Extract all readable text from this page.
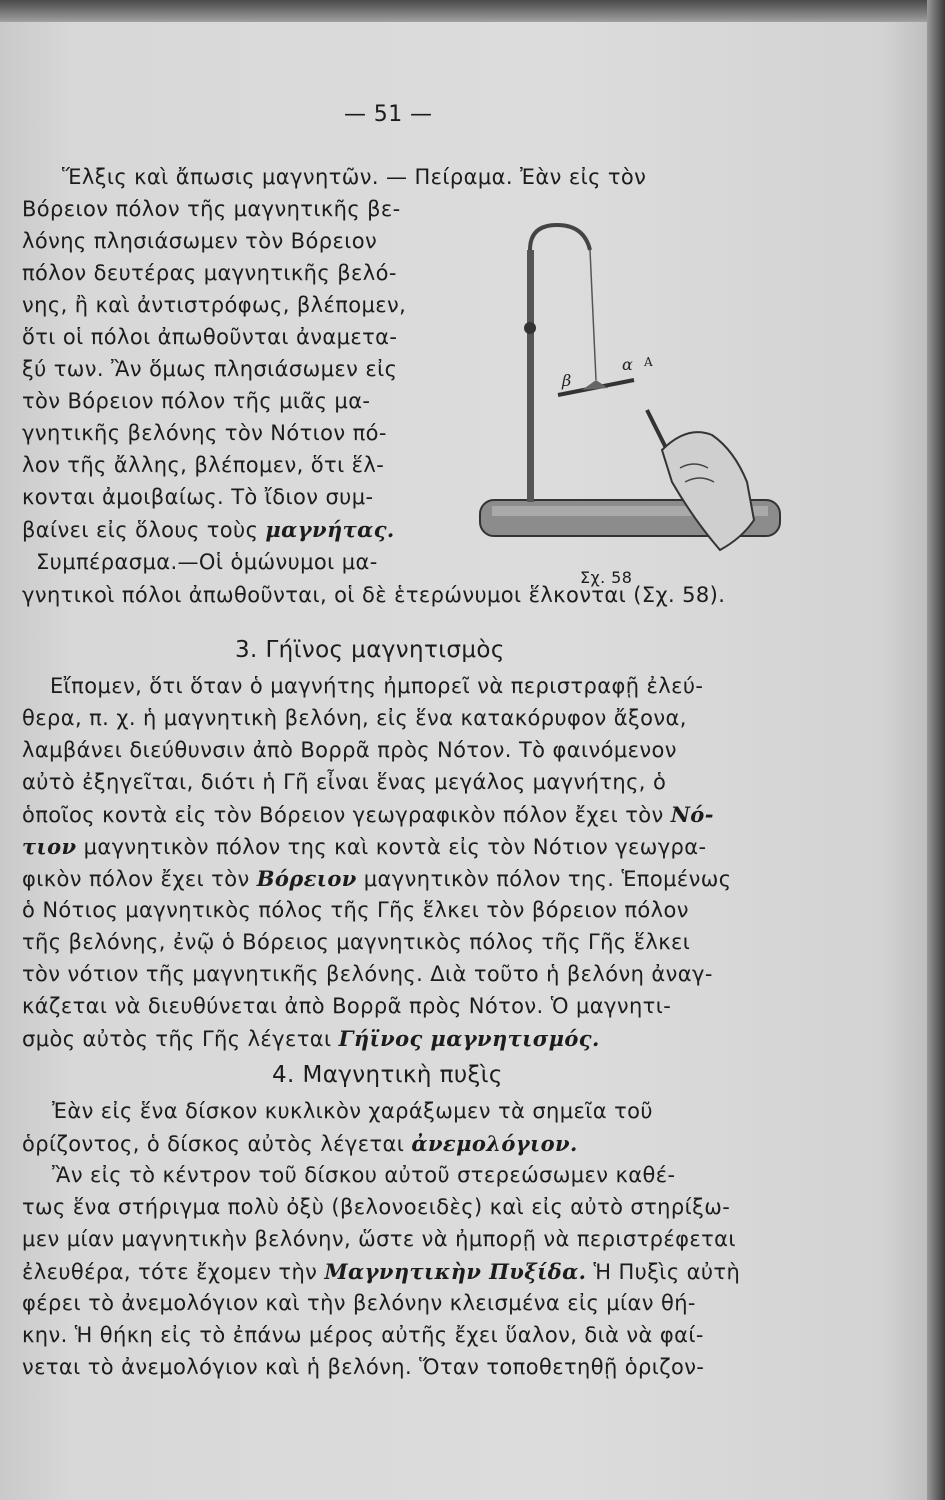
— 51 —

Ἕλξις καὶ ἄπωσις μαγνητῶν. — Πείραμα. Ἐὰν εἰς τὸν

Βόρειον πόλον τῆς μαγνητικῆς βε-

λόνης πλησιάσωμεν τὸν Βόρειον

πόλον δευτέρας μαγνητικῆς βελό-

νης, ἢ καὶ ἀντιστρόφως, βλέπομεν,

ὅτι οἱ πόλοι ἀπωθοῦνται ἀναμετα-

ξύ των. Ἂν ὅμως πλησιάσωμεν εἰς

τὸν Βόρειον πόλον τῆς μιᾶς μα-

γνητικῆς βελόνης τὸν Νότιον πό-

λον τῆς ἄλλης, βλέπομεν, ὅτι ἕλ-

κονται ἀμοιβαίως. Τὸ ἴδιον συμ-

βαίνει εἰς ὅλους τοὺς μαγνήτας.

Συμπέρασμα.—Οἱ ὁμώνυμοι μα-

γνητικοὶ πόλοι ἀπωθοῦνται, οἱ δὲ ἑτερώνυμοι ἕλκονται (Σχ. 58).

β
α Α

Σχ. 58

3. Γήϊνος μαγνητισμὸς

Εἴπομεν, ὅτι ὅταν ὁ μαγνήτης ἠμπορεῖ νὰ περιστραφῇ ἐλεύ-

θερα, π. χ. ἡ μαγνητικὴ βελόνη, εἰς ἕνα κατακόρυφον ἄξονα,

λαμβάνει διεύθυνσιν ἀπὸ Βορρᾶ πρὸς Νότον. Τὸ φαινόμενον

αὐτὸ ἐξηγεῖται, διότι ἡ Γῆ εἶναι ἕνας μεγάλος μαγνήτης, ὁ

ὁποῖος κοντὰ εἰς τὸν Βόρειον γεωγραφικὸν πόλον ἔχει τὸν Νό-

τιον μαγνητικὸν πόλον της καὶ κοντὰ εἰς τὸν Νότιον γεωγρα-

φικὸν πόλον ἔχει τὸν Βόρειον μαγνητικὸν πόλον της. Ἑπομένως

ὁ Νότιος μαγνητικὸς πόλος τῆς Γῆς ἕλκει τὸν βόρειον πόλον

τῆς βελόνης, ἐνῷ ὁ Βόρειος μαγνητικὸς πόλος τῆς Γῆς ἕλκει

τὸν νότιον τῆς μαγνητικῆς βελόνης. Διὰ τοῦτο ἡ βελόνη ἀναγ-

κάζεται νὰ διευθύνεται ἀπὸ Βορρᾶ πρὸς Νότον. Ὁ μαγνητι-

σμὸς αὐτὸς τῆς Γῆς λέγεται Γήϊνος μαγνητισμός.

4. Μαγνητικὴ πυξὶς

Ἐὰν εἰς ἕνα δίσκον κυκλικὸν χαράξωμεν τὰ σημεῖα τοῦ

ὁρίζοντος, ὁ δίσκος αὐτὸς λέγεται ἀνεμολόγιον.

Ἂν εἰς τὸ κέντρον τοῦ δίσκου αὐτοῦ στερεώσωμεν καθέ-

τως ἕνα στήριγμα πολὺ ὀξὺ (βελονοειδὲς) καὶ εἰς αὐτὸ στηρίξω-

μεν μίαν μαγνητικὴν βελόνην, ὥστε νὰ ἠμπορῇ νὰ περιστρέφεται

ἐλευθέρα, τότε ἔχομεν τὴν Μαγνητικὴν Πυξίδα. Ἡ Πυξὶς αὐτὴ

φέρει τὸ ἀνεμολόγιον καὶ τὴν βελόνην κλεισμένα εἰς μίαν θή-

κην. Ἡ θήκη εἰς τὸ ἐπάνω μέρος αὐτῆς ἔχει ὕαλον, διὰ νὰ φαί-

νεται τὸ ἀνεμολόγιον καὶ ἡ βελόνη. Ὅταν τοποθετηθῇ ὁριζον-
